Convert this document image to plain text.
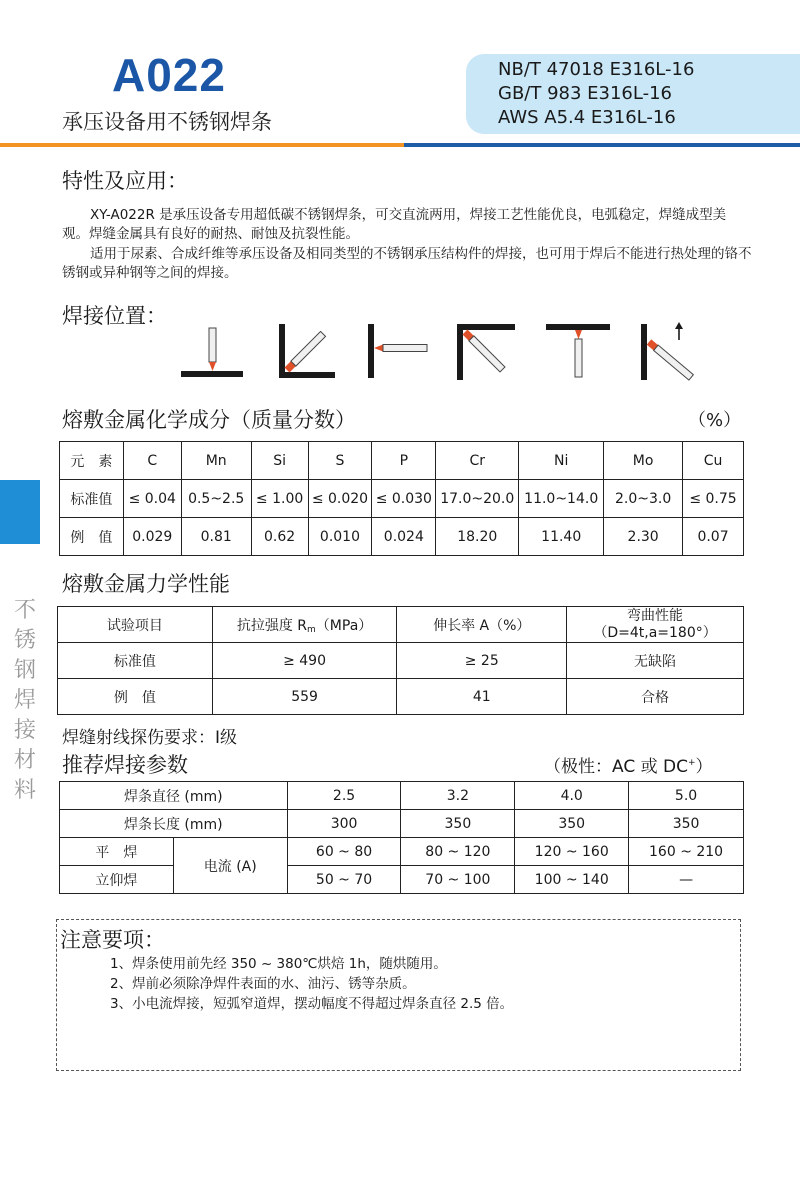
A022
承压设备用不锈钢焊条
NB/T 47018 E316L-16
GB/T 983 E316L-16
AWS A5.4 E316L-16
不
锈
钢
焊
接
材
料
特性及应用：
XY-A022R 是承压设备专用超低碳不锈钢焊条，可交直流两用，焊接工艺性能优良，电弧稳定，焊缝成型美观。焊缝金属具有良好的耐热、耐蚀及抗裂性能。
适用于尿素、合成纤维等承压设备及相同类型的不锈钢承压结构件的焊接，也可用于焊后不能进行热处理的铬不锈钢或异种钢等之间的焊接。
焊接位置：
熔敷金属化学成分（质量分数）	（%）
元　素	C	Mn	Si	S	P	Cr	Ni	Mo	Cu
标准值	≤ 0.04	0.5~2.5	≤ 1.00	≤ 0.020	≤ 0.030	17.0~20.0	11.0~14.0	2.0~3.0	≤ 0.75
例　值	0.029	0.81	0.62	0.010	0.024	18.20	11.40	2.30	0.07
熔敷金属力学性能
试验项目	抗拉强度 $R_m(MPa)$	伸长率 A（%）	弯曲性能
（D=4t,a=180°）

标准值	≥ 490	≥ 25	无缺陷
例　值	559	41	合格
焊缝射线探伤要求：Ⅰ级
推荐焊接参数	（极性：AC 或 DC+）
焊条直径 (mm)		2.5	3.2	4.0	5.0
焊条长度 (mm)		300	350	350	350
平　焊	电流 (A)	60 ~ 80	80 ~ 120	120 ~ 160	160 ~ 210
立仰焊		50 ~ 70	70 ~ 100	100 ~ 140	—
注意要项：
1、焊条使用前先经 350 ~ 380℃烘焙 1h，随烘随用。
2、焊前必须除净焊件表面的水、油污、锈等杂质。
3、小电流焊接，短弧窄道焊，摆动幅度不得超过焊条直径 2.5 倍。
